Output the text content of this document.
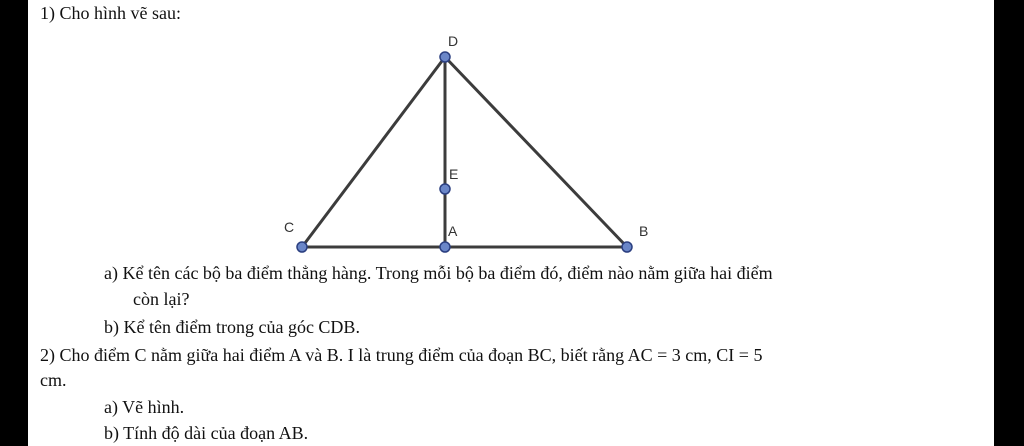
1) Cho hình vẽ sau:
D
E
C	A	B
a) Kể tên các bộ ba điểm thẳng hàng. Trong mỗi bộ ba điểm đó, điểm nào nằm giữa hai điểm
còn lại?
b) Kể tên điểm trong của góc CDB.
2) Cho điểm C nằm giữa hai điểm A và B. I là trung điểm của đoạn BC, biết rằng AC = 3 cm, CI = 5
cm.
a) Vẽ hình.
b) Tính độ dài của đoạn AB.
